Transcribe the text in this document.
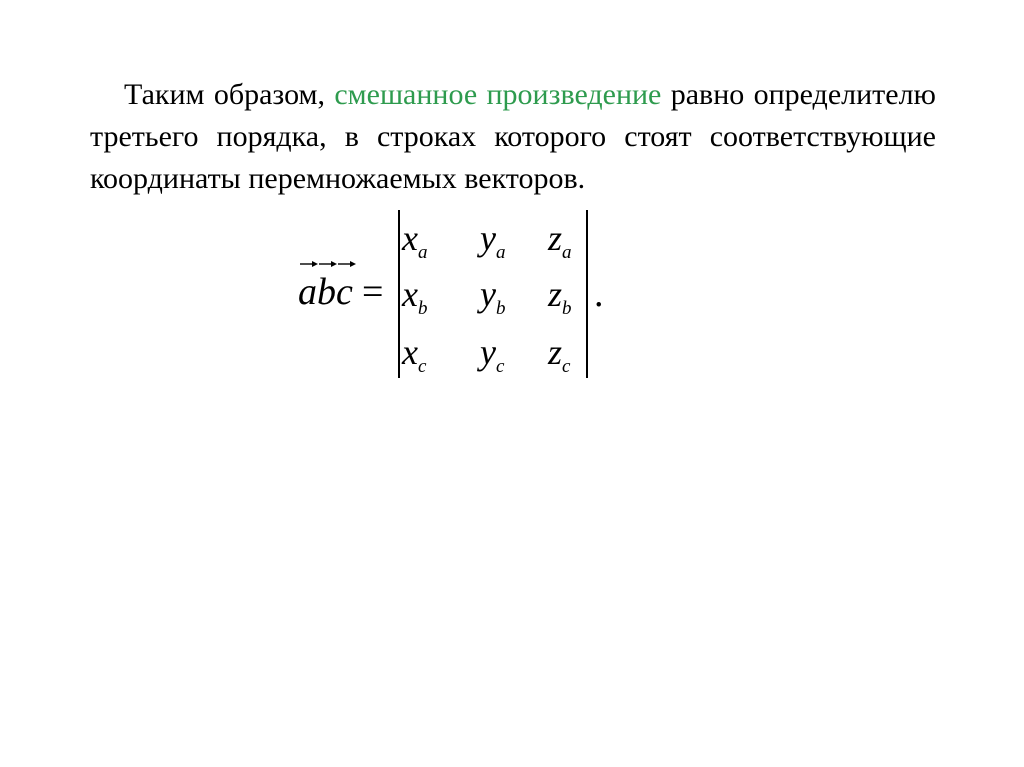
Таким образом, смешанное произведение равно определителю третьего порядка, в строках которого стоят соответствующие координаты перемножаемых векторов.

a
b
c =
$x_a$ $y_a$ $z_a$
$x_b$ $y_b$ $z_b$
$x_c$ $y_c$ $z_c$
.
